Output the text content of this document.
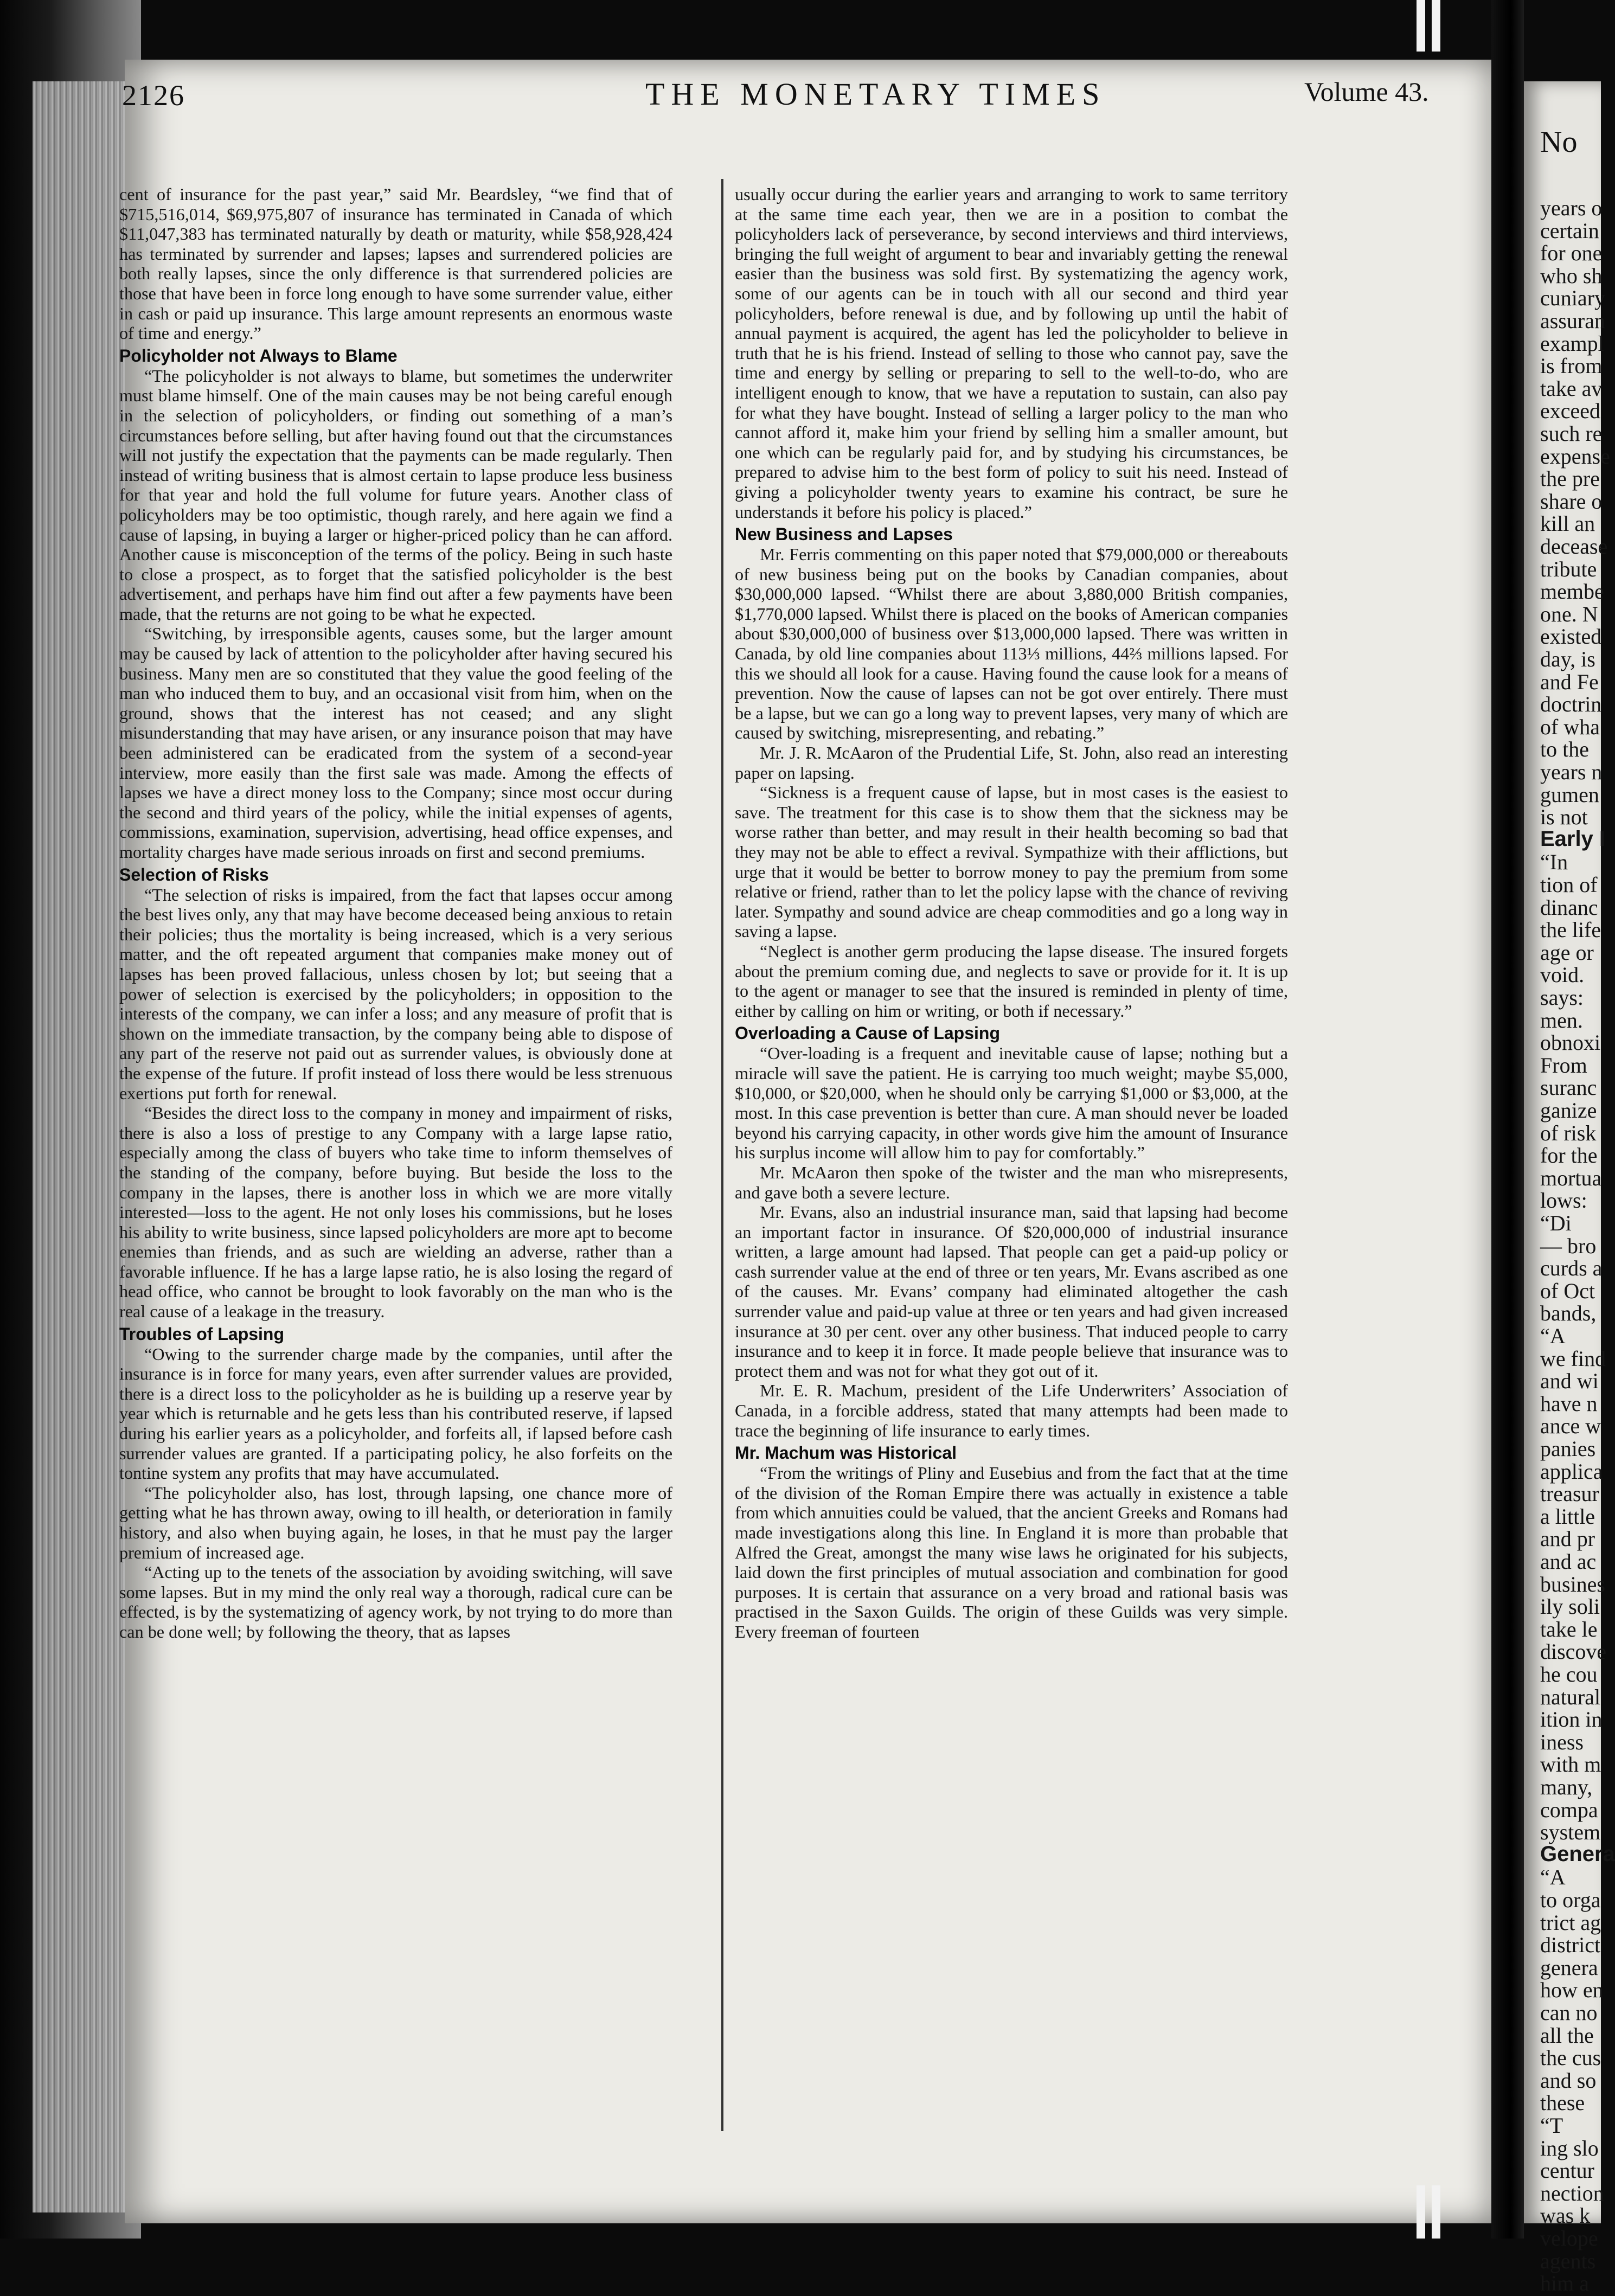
No
years o
certain
for one
who sh
cuniary
assuran
exampl
is from
take av
exceed
such re
expense
the pre
share o
kill an
decease
tribute
membe
one. N
existed
day, is
and Fe
doctrin
of wha
to the
years n
gumen
is not
Early I
“In
tion of
dinanc
the life
age or
void.
says:
men.
obnoxi
From
suranc
ganize
of risk
for the
mortua
lows:
“Di
— bro
curds a
of Oct
bands,
“A
we find
and wi
have n
ance w
panies
applica
treasur
a little
and pr
and ac
busines
ily soli
take le
discove
he cou
natural
ition in
iness
with m
many,
compa
system
Genera
“A
to orga
trict ag
district
genera
how en
can no
all the
the cus
and so
these
“T
ing slo
centur
nection
was k
velope
agents
him a
2126	THE MONETARY TIMES	Volume 43.

cent of insurance for the past year,” said Mr. Beardsley, “we find that of $715,516,014, $69,975,807 of insurance has terminated in Canada of which $11,047,383 has terminated naturally by death or maturity, while $58,928,424 has terminated by surrender and lapses; lapses and surrendered policies are both really lapses, since the only difference is that surrendered policies are those that have been in force long enough to have some surrender value, either in cash or paid up insurance. This large amount represents an enormous waste of time and energy.”

Policyholder not Always to Blame

“The policyholder is not always to blame, but sometimes the underwriter must blame himself. One of the main causes may be not being careful enough in the selection of policyholders, or finding out something of a man’s circumstances before selling, but after having found out that the circumstances will not justify the expectation that the payments can be made regularly. Then instead of writing business that is almost certain to lapse produce less business for that year and hold the full volume for future years. Another class of policyholders may be too optimistic, though rarely, and here again we find a cause of lapsing, in buying a larger or higher-priced policy than he can afford. Another cause is misconception of the terms of the policy. Being in such haste to close a prospect, as to forget that the satisfied policyholder is the best advertisement, and perhaps have him find out after a few payments have been made, that the returns are not going to be what he expected.

“Switching, by irresponsible agents, causes some, but the larger amount may be caused by lack of attention to the policyholder after having secured his business. Many men are so constituted that they value the good feeling of the man who induced them to buy, and an occasional visit from him, when on the ground, shows that the interest has not ceased; and any slight misunderstanding that may have arisen, or any insurance poison that may have been administered can be eradicated from the system of a second-year interview, more easily than the first sale was made. Among the effects of lapses we have a direct money loss to the Company; since most occur during the second and third years of the policy, while the initial expenses of agents, commissions, examination, supervision, advertising, head office expenses, and mortality charges have made serious inroads on first and second premiums.

Selection of Risks

“The selection of risks is impaired, from the fact that lapses occur among the best lives only, any that may have become deceased being anxious to retain their policies; thus the mortality is being increased, which is a very serious matter, and the oft repeated argument that companies make money out of lapses has been proved fallacious, unless chosen by lot; but seeing that a power of selection is exercised by the policyholders; in opposition to the interests of the company, we can infer a loss; and any measure of profit that is shown on the immediate transaction, by the company being able to dispose of any part of the reserve not paid out as surrender values, is obviously done at the expense of the future. If profit instead of loss there would be less strenuous exertions put forth for renewal.

“Besides the direct loss to the company in money and impairment of risks, there is also a loss of prestige to any Company with a large lapse ratio, especially among the class of buyers who take time to inform themselves of the standing of the company, before buying. But beside the loss to the company in the lapses, there is another loss in which we are more vitally interested—loss to the agent. He not only loses his commissions, but he loses his ability to write business, since lapsed policyholders are more apt to become enemies than friends, and as such are wielding an adverse, rather than a favorable influence. If he has a large lapse ratio, he is also losing the regard of head office, who cannot be brought to look favorably on the man who is the real cause of a leakage in the treasury.

Troubles of Lapsing

“Owing to the surrender charge made by the companies, until after the insurance is in force for many years, even after surrender values are provided, there is a direct loss to the policyholder as he is building up a reserve year by year which is returnable and he gets less than his contributed reserve, if lapsed during his earlier years as a policyholder, and forfeits all, if lapsed before cash surrender values are granted. If a participating policy, he also forfeits on the tontine system any profits that may have accumulated.

“The policyholder also, has lost, through lapsing, one chance more of getting what he has thrown away, owing to ill health, or deterioration in family history, and also when buying again, he loses, in that he must pay the larger premium of increased age.

“Acting up to the tenets of the association by avoiding switching, will save some lapses. But in my mind the only real way a thorough, radical cure can be effected, is by the systematizing of agency work, by not trying to do more than can be done well; by following the theory, that as lapses

usually occur during the earlier years and arranging to work to same territory at the same time each year, then we are in a position to combat the policyholders lack of perseverance, by second interviews and third interviews, bringing the full weight of argument to bear and invariably getting the renewal easier than the business was sold first. By systematizing the agency work, some of our agents can be in touch with all our second and third year policyholders, before renewal is due, and by following up until the habit of annual payment is acquired, the agent has led the policyholder to believe in truth that he is his friend. Instead of selling to those who cannot pay, save the time and energy by selling or preparing to sell to the well-to-do, who are intelligent enough to know, that we have a reputation to sustain, can also pay for what they have bought. Instead of selling a larger policy to the man who cannot afford it, make him your friend by selling him a smaller amount, but one which can be regularly paid for, and by studying his circumstances, be prepared to advise him to the best form of policy to suit his need. Instead of giving a policyholder twenty years to examine his contract, be sure he understands it before his policy is placed.”

New Business and Lapses

Mr. Ferris commenting on this paper noted that $79,000,000 or thereabouts of new business being put on the books by Canadian companies, about $30,000,000 lapsed. “Whilst there are about 3,880,000 British companies, $1,770,000 lapsed. Whilst there is placed on the books of American companies about $30,000,000 of business over $13,000,000 lapsed. There was written in Canada, by old line companies about 113⅓ millions, 44⅔ millions lapsed. For this we should all look for a cause. Having found the cause look for a means of prevention. Now the cause of lapses can not be got over entirely. There must be a lapse, but we can go a long way to prevent lapses, very many of which are caused by switching, misrepresenting, and rebating.”

Mr. J. R. McAaron of the Prudential Life, St. John, also read an interesting paper on lapsing.

“Sickness is a frequent cause of lapse, but in most cases is the easiest to save. The treatment for this case is to show them that the sickness may be worse rather than better, and may result in their health becoming so bad that they may not be able to effect a revival. Sympathize with their afflictions, but urge that it would be better to borrow money to pay the premium from some relative or friend, rather than to let the policy lapse with the chance of reviving later. Sympathy and sound advice are cheap commodities and go a long way in saving a lapse.

“Neglect is another germ producing the lapse disease. The insured forgets about the premium coming due, and neglects to save or provide for it. It is up to the agent or manager to see that the insured is reminded in plenty of time, either by calling on him or writing, or both if necessary.”

Overloading a Cause of Lapsing

“Over-loading is a frequent and inevitable cause of lapse; nothing but a miracle will save the patient. He is carrying too much weight; maybe $5,000, $10,000, or $20,000, when he should only be carrying $1,000 or $3,000, at the most. In this case prevention is better than cure. A man should never be loaded beyond his carrying capacity, in other words give him the amount of Insurance his surplus income will allow him to pay for comfortably.”

Mr. McAaron then spoke of the twister and the man who misrepresents, and gave both a severe lecture.

Mr. Evans, also an industrial insurance man, said that lapsing had become an important factor in insurance. Of $20,000,000 of industrial insurance written, a large amount had lapsed. That people can get a paid-up policy or cash surrender value at the end of three or ten years, Mr. Evans ascribed as one of the causes. Mr. Evans’ company had eliminated altogether the cash surrender value and paid-up value at three or ten years and had given increased insurance at 30 per cent. over any other business. That induced people to carry insurance and to keep it in force. It made people believe that insurance was to protect them and was not for what they got out of it.

Mr. E. R. Machum, president of the Life Underwriters’ Association of Canada, in a forcible address, stated that many attempts had been made to trace the beginning of life insurance to early times.

Mr. Machum was Historical

“From the writings of Pliny and Eusebius and from the fact that at the time of the division of the Roman Empire there was actually in existence a table from which annuities could be valued, that the ancient Greeks and Romans had made investigations along this line. In England it is more than probable that Alfred the Great, amongst the many wise laws he originated for his subjects, laid down the first principles of mutual association and combination for good purposes. It is certain that assurance on a very broad and rational basis was practised in the Saxon Guilds. The origin of these Guilds was very simple. Every freeman of fourteen
